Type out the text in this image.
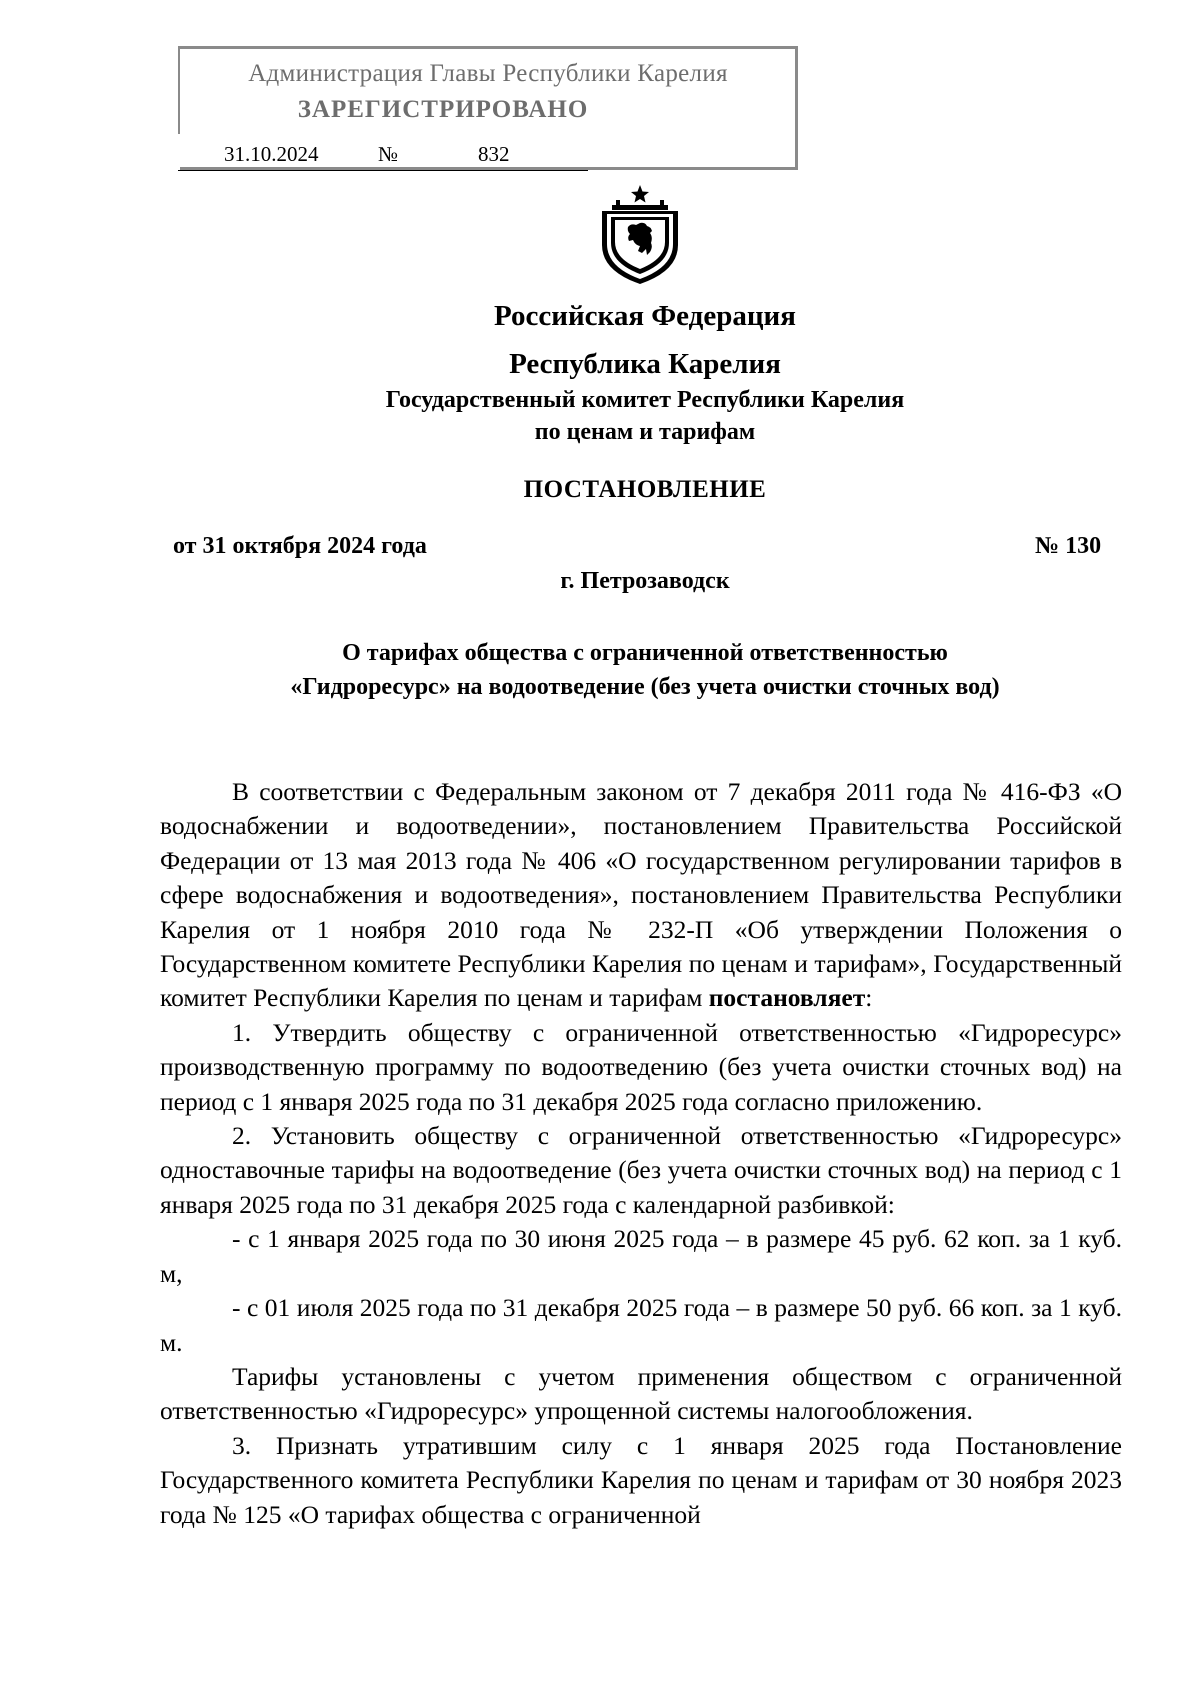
Администрация Главы Республики Карелия
ЗАРЕГИСТРИРОВАНО
31.10.2024	№	832
Российская Федерация
Республика Карелия
Государственный комитет Республики Карелия
по ценам и тарифам
ПОСТАНОВЛЕНИЕ
от 31 октября 2024 года	№ 130
г. Петрозаводск
О тарифах общества с ограниченной ответственностью
«Гидроресурс» на водоотведение (без учета очистки сточных вод)

В соответствии с Федеральным законом от 7 декабря 2011 года № 416-ФЗ «О водоснабжении и водоотведении», постановлением Правительства Российской Федерации от 13 мая 2013 года № 406 «О государственном регулировании тарифов в сфере водоснабжения и водоотведения», постановлением Правительства Республики Карелия от 1 ноября 2010 года № 232-П «Об утверждении Положения о Государственном комитете Республики Карелия по ценам и тарифам», Государственный комитет Республики Карелия по ценам и тарифам постановляет:

1. Утвердить обществу с ограниченной ответственностью «Гидроресурс» производственную программу по водоотведению (без учета очистки сточных вод) на период с 1 января 2025 года по 31 декабря 2025 года согласно приложению.

2. Установить обществу с ограниченной ответственностью «Гидроресурс» одноставочные тарифы на водоотведение (без учета очистки сточных вод) на период с 1 января 2025 года по 31 декабря 2025 года с календарной разбивкой:

- с 1 января 2025 года по 30 июня 2025 года – в размере 45 руб. 62 коп. за 1 куб. м,

- с 01 июля 2025 года по 31 декабря 2025 года – в размере 50 руб. 66 коп. за 1 куб. м.

Тарифы установлены с учетом применения обществом с ограниченной ответственностью «Гидроресурс» упрощенной системы налогообложения.

3. Признать утратившим силу с 1 января 2025 года Постановление Государственного комитета Республики Карелия по ценам и тарифам от 30 ноября 2023 года № 125 «О тарифах общества с ограниченной
